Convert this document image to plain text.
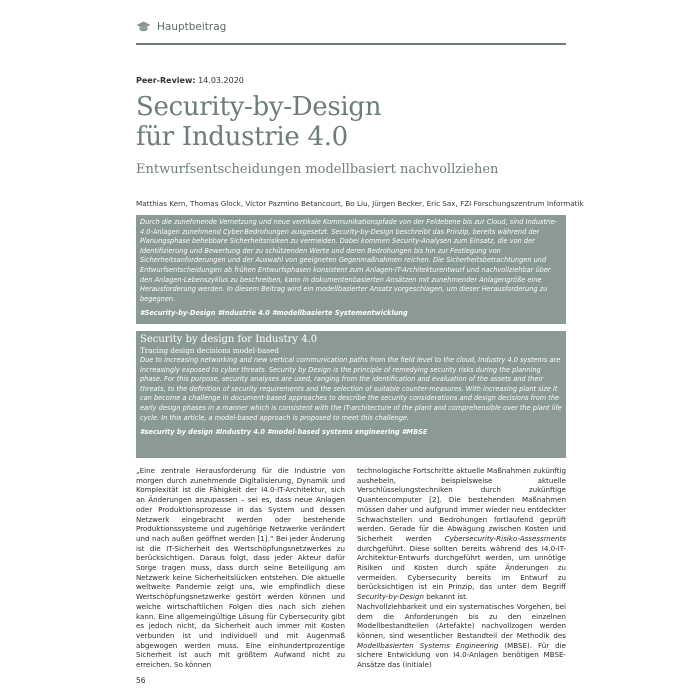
Hauptbeitrag
Peer-Review: 14.03.2020
Security-by-Design
für Industrie 4.0
Entwurfsentscheidungen modellbasiert nachvollziehen
Matthias Kern, Thomas Glock, Victor Pazmino Betancourt, Bo Liu, Jürgen Becker, Eric Sax, FZI Forschungszentrum Informatik

Durch die zunehmende Vernetzung und neue vertikale Kommunikationspfade von der Feldebene bis zur Cloud, sind Industrie-4.0-Anlagen zunehmend Cyber-Bedrohungen ausgesetzt. Security-by-Design beschreibt das Prinzip, bereits während der Planungsphase behebbare Sicherheitsrisiken zu vermeiden. Dabei kommen Security-Analysen zum Einsatz, die von der Identifizierung und Bewertung der zu schützenden Werte und deren Bedrohungen bis hin zur Festlegung von Sicherheitsanforderungen und der Auswahl von geeigneten Gegenmaßnahmen reichen. Die Sicherheitsbetrachtungen und Entwurfsentscheidungen ab frühen Entwurfsphasen konsistent zum Anlagen-IT-Architekturentwurf und nachvollziehbar über den Anlagen-Lebenszyklus zu beschreiben, kann in dokumentenbasierten Ansätzen mit zunehmender Anlagengröße eine Herausforderung werden. In diesem Beitrag wird ein modellbasierter Ansatz vorgeschlagen, um dieser Herausforderung zu begegnen.

#Security-by-Design #Industrie 4.0 #modellbasierte Systementwicklung

Security by design for Industry 4.0
Tracing design decisions model-based

Due to increasing networking and new vertical communication paths from the field level to the cloud, Industry 4.0 systems are increasingly exposed to cyber threats. Security by Design is the principle of remedying security risks during the planning phase. For this purpose, security analyses are used, ranging from the identification and evaluation of the assets and their threats, to the definition of security requirements and the selection of suitable counter-measures. With increasing plant size it can become a challenge in document-based approaches to describe the security considerations and design decisions from the early design phases in a manner which is consistent with the IT-architecture of the plant and comprehensible over the plant life cycle. In this article, a model-based approach is proposed to meet this challenge.

#security by design #Industry 4.0 #model-based systems engineering #MBSE

„Eine zentrale Herausforderung für die Industrie von morgen durch zunehmende Digitalisierung, Dynamik und Komplexität ist die Fähigkeit der I4.0-IT-Architektur, sich an Änderungen anzupassen – sei es, dass neue Anlagen oder Produktionsprozesse in das System und dessen Netzwerk eingebracht werden oder bestehende Produktionssysteme und zugehörige Netzwerke verändert und nach außen geöffnet werden [1].“ Bei jeder Änderung ist die IT-Sicherheit des Wertschöpfungsnetzwerkes zu berücksichtigen. Daraus folgt, dass jeder Akteur dafür Sorge tragen muss, dass durch seine Beteiligung am Netzwerk keine Sicherheitslücken entstehen. Die aktuelle weltweite Pandemie zeigt uns, wie empfindlich diese Wertschöpfungsnetzwerke gestört werden können und welche wirtschaftlichen Folgen dies nach sich ziehen kann. Eine allgemeingültige Lösung für Cybersecurity gibt es jedoch nicht, da Sicherheit auch immer mit Kosten verbunden ist und individuell und mit Augenmaß abgewogen werden muss. Eine einhundertprozentige Sicherheit ist auch mit größtem Aufwand nicht zu erreichen. So können

technologische Fortschritte aktuelle Maßnahmen zukünftig aushebeln, beispielsweise aktuelle Verschlüsselungstechniken durch zukünftige Quantencomputer [2]. Die bestehenden Maßnahmen müssen daher und aufgrund immer wieder neu entdeckter Schwachstellen und Bedrohungen fortlaufend geprüft werden. Gerade für die Abwägung zwischen Kosten und Sicherheit werden Cybersecurity-Risiko-Assessments durchgeführt. Diese sollten bereits während des I4.0-IT-Architektur-Entwurfs durchgeführt werden, um unnötige Risiken und Kosten durch späte Änderungen zu vermeiden. Cybersecurity bereits im Entwurf zu berücksichtigen ist ein Prinzip, das unter dem Begriff Security-by-Design bekannt ist.
Nachvollziehbarkeit und ein systematisches Vorgehen, bei dem die Anforderungen bis zu den einzelnen Modellbestandteilen (Artefakte) nachvollzogen werden können, sind wesentlicher Bestandteil der Methodik des Modellbasierten Systems Engineering (MBSE). Für die sichere Entwicklung von I4.0-Anlagen benötigen MBSE-Ansätze das (initiale)
56
